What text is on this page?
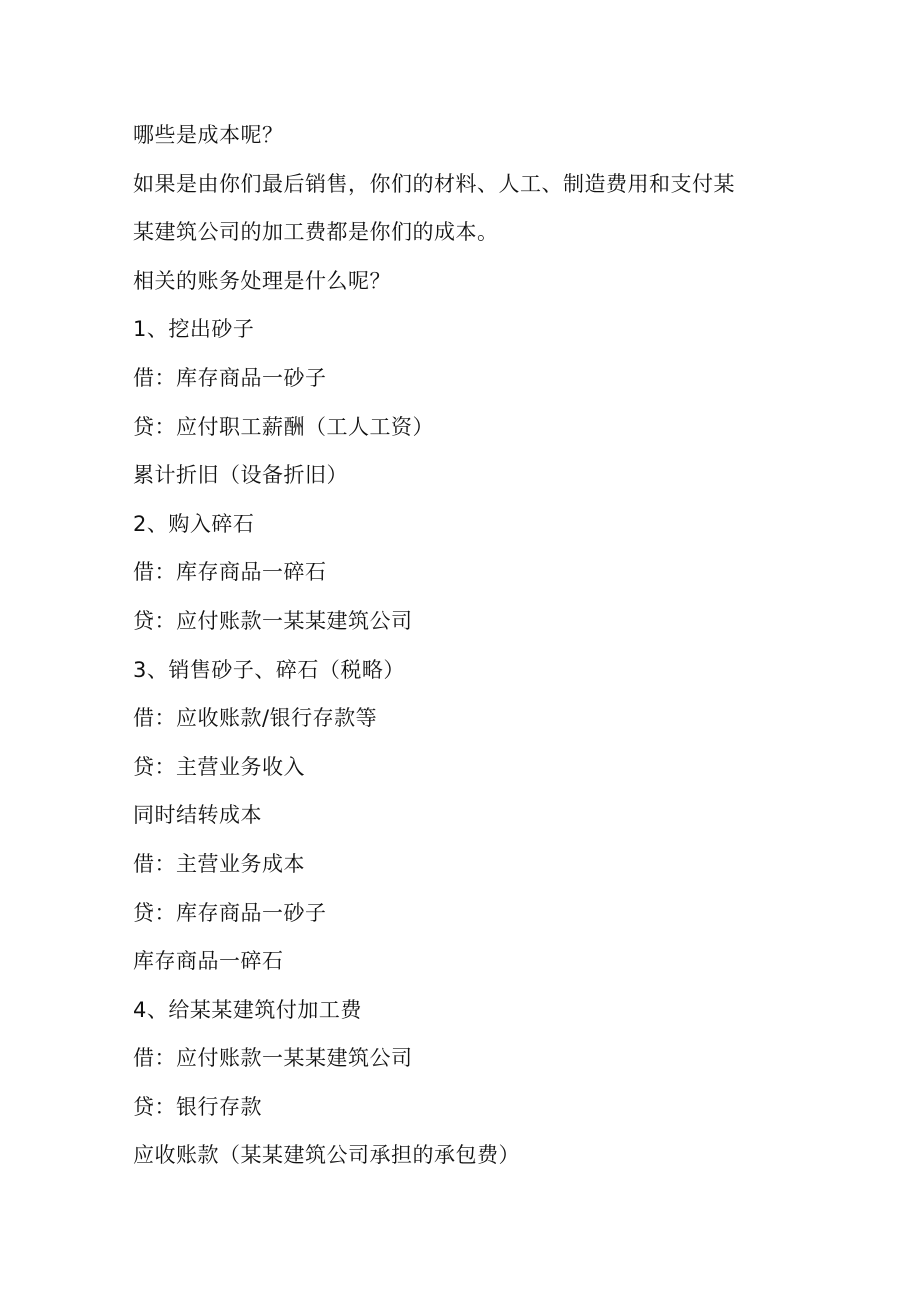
哪些是成本呢？
如果是由你们最后销售，你们的材料、人工、制造费用和支付某
某建筑公司的加工费都是你们的成本。
相关的账务处理是什么呢？
1、挖出砂子
借：库存商品一砂子
贷：应付职工薪酬（工人工资）
累计折旧（设备折旧）
2、购入碎石
借：库存商品一碎石
贷：应付账款一某某建筑公司
3、销售砂子、碎石（税略）
借：应收账款/银行存款等
贷：主营业务收入
同时结转成本
借：主营业务成本
贷：库存商品一砂子
库存商品一碎石
4、给某某建筑付加工费
借：应付账款一某某建筑公司
贷：银行存款
应收账款（某某建筑公司承担的承包费）
